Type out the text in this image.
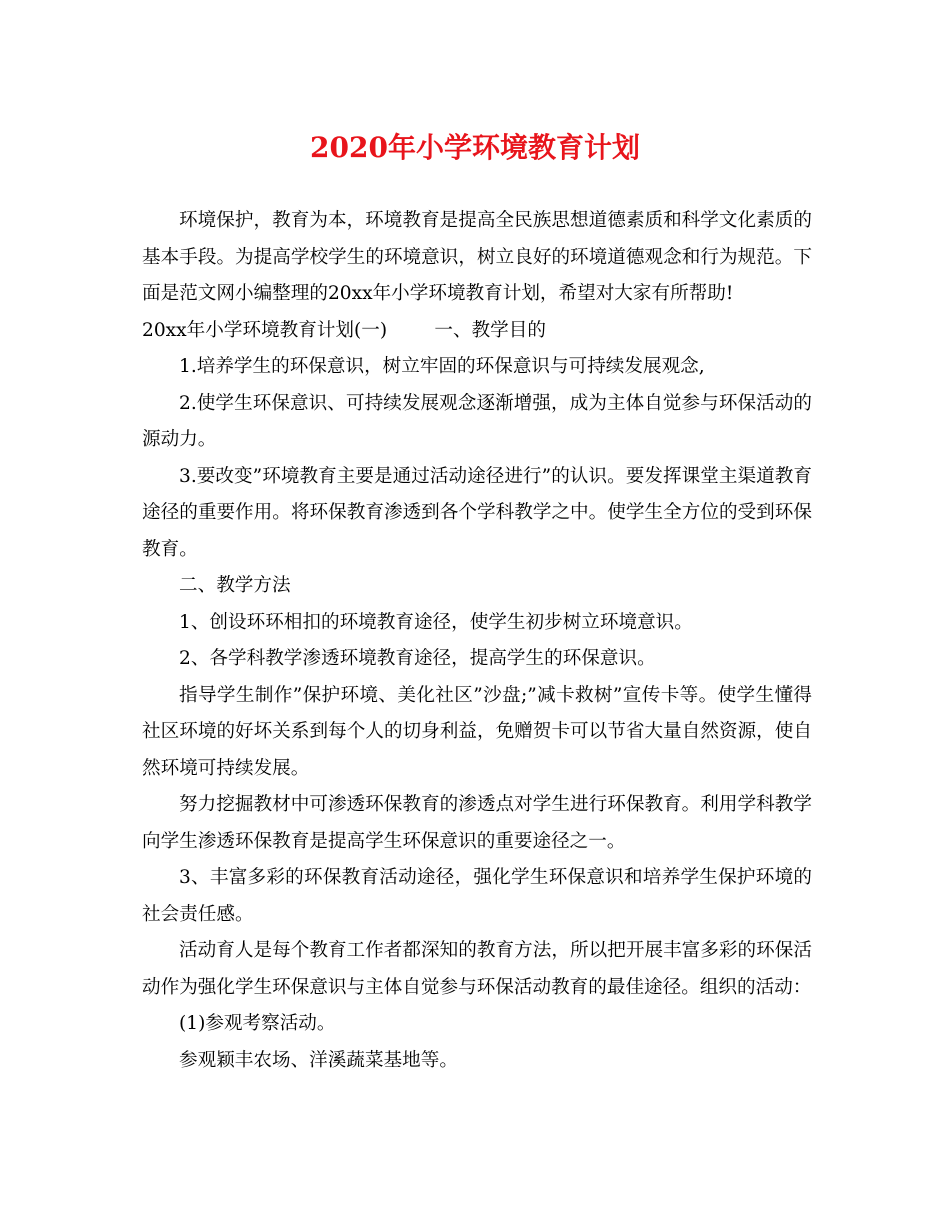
2020年小学环境教育计划

环境保护，教育为本，环境教育是提高全民族思想道德素质和科学文化素质的基本手段。为提高学校学生的环境意识，树立良好的环境道德观念和行为规范。下面是范文网小编整理的20xx年小学环境教育计划，希望对大家有所帮助!

20xx年小学环境教育计划(一)        一、教学目的

1.培养学生的环保意识，树立牢固的环保意识与可持续发展观念,

2.使学生环保意识、可持续发展观念逐渐增强，成为主体自觉参与环保活动的源动力。

3.要改变”环境教育主要是通过活动途径进行”的认识。要发挥课堂主渠道教育途径的重要作用。将环保教育渗透到各个学科教学之中。使学生全方位的受到环保教育。

二、教学方法

1、创设环环相扣的环境教育途径，使学生初步树立环境意识。

2、各学科教学渗透环境教育途径，提高学生的环保意识。

指导学生制作”保护环境、美化社区”沙盘;”减卡救树”宣传卡等。使学生懂得社区环境的好坏关系到每个人的切身利益，免赠贺卡可以节省大量自然资源，使自然环境可持续发展。

努力挖掘教材中可渗透环保教育的渗透点对学生进行环保教育。利用学科教学向学生渗透环保教育是提高学生环保意识的重要途径之一。

3、丰富多彩的环保教育活动途径，强化学生环保意识和培养学生保护环境的社会责任感。

活动育人是每个教育工作者都深知的教育方法，所以把开展丰富多彩的环保活动作为强化学生环保意识与主体自觉参与环保活动教育的最佳途径。组织的活动：

(1)参观考察活动。

参观颖丰农场、洋溪蔬菜基地等。
